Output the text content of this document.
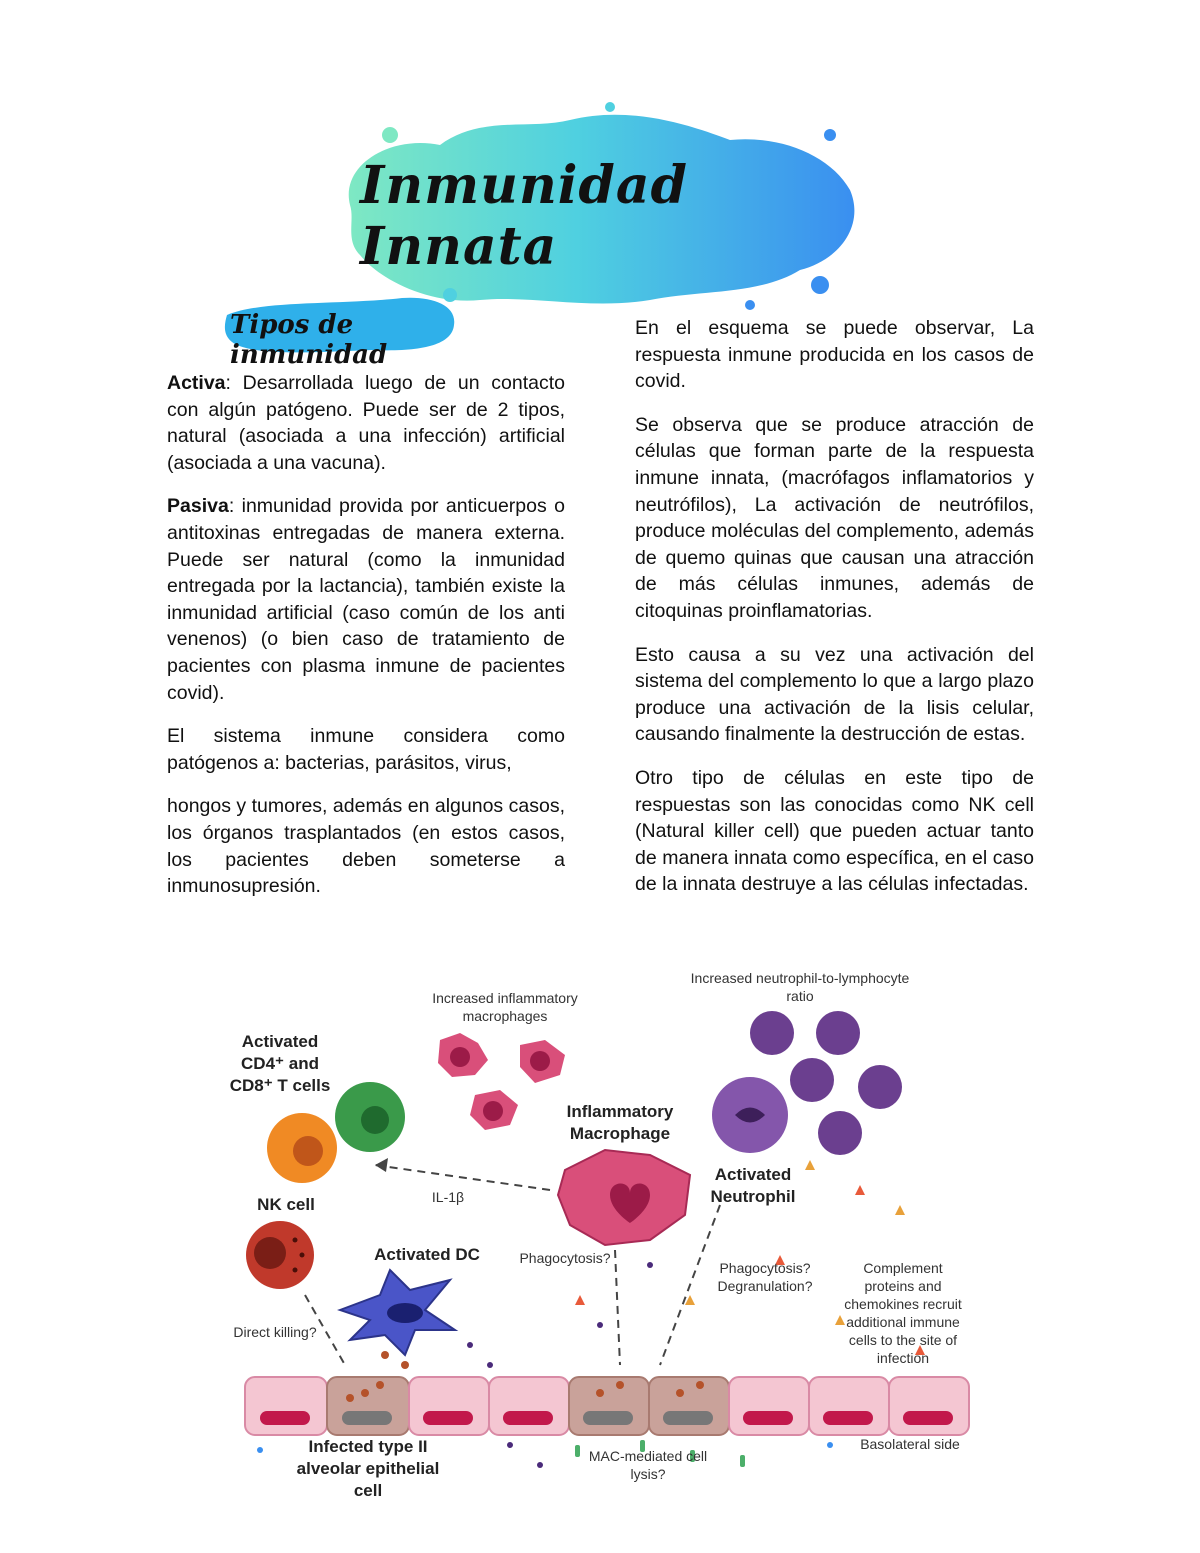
Inmunidad Innata
Tipos de inmunidad

Activa: Desarrollada luego de un contacto con algún patógeno. Puede ser de 2 tipos, natural (asociada a una infección) artificial (asociada a una vacuna).

Pasiva: inmunidad provida por anticuerpos o antitoxinas entregadas de manera externa. Puede ser natural (como la inmunidad entregada por la lactancia), también existe la inmunidad artificial (caso común de los anti venenos) (o bien caso de tratamiento de pacientes con plasma inmune de pacientes covid).

El sistema inmune considera como patógenos a: bacterias, parásitos, virus,

hongos y tumores, además en algunos casos, los órganos trasplantados (en estos casos, los pacientes deben someterse a inmunosupresión.

En el esquema se puede observar, La respuesta inmune producida en los casos de covid.

Se observa que se produce atracción de células que forman parte de la respuesta inmune innata, (macrófagos inflamatorios y neutrófilos), La activación de neutrófilos, produce moléculas del complemento, además de quemo quinas que causan una atracción de más células inmunes, además de citoquinas proinflamatorias.

Esto causa a su vez una activación del sistema del complemento lo que a largo plazo produce una activación de la lisis celular, causando finalmente la destrucción de estas.

Otro tipo de células en este tipo de respuestas son las conocidas como NK cell (Natural killer cell) que pueden actuar tanto de manera innata como específica, en el caso de la innata destruye a las células infectadas.

Increased inflammatory
macrophages
Increased neutrophil-to-lymphocyte
ratio
Activated
CD4⁺ and
CD8⁺ T cells
Inflammatory
Macrophage
Activated
Neutrophil
IL-1β
NK cell
Activated DC	Phagocytosis?
Phagocytosis?
Degranulation?
Complement
proteins and
chemokines recruit
additional immune
cells to the site of
infection
Direct killing?
Infected type II
alveolar epithelial
cell
MAC-mediated cell
lysis?
Basolateral side
